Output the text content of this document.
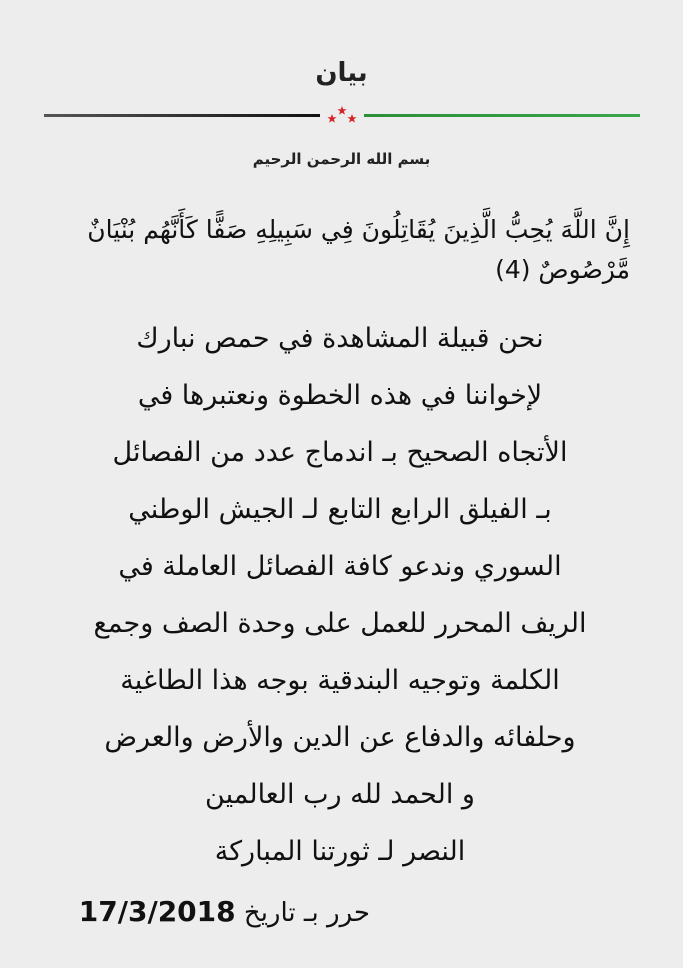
بيان
بسم الله الرحمن الرحيم
إِنَّ اللَّهَ يُحِبُّ الَّذِينَ يُقَاتِلُونَ فِي سَبِيلِهِ صَفًّا كَأَنَّهُم بُنْيَانٌ مَّرْصُوصٌ (4)
نحن قبيلة المشاهدة في حمص نبارك
لإخواننا في هذه الخطوة ونعتبرها في
الأتجاه الصحيح بـ اندماج عدد من الفصائل
بـ الفيلق الرابع التابع لـ الجيش الوطني
السوري وندعو كافة الفصائل العاملة في
الريف المحرر للعمل على وحدة الصف وجمع
الكلمة وتوجيه البندقية بوجه هذا الطاغية
وحلفائه والدفاع عن الدين والأرض والعرض
و الحمد لله رب العالمين
النصر لـ ثورتنا المباركة
حرر بـ تاريخ 17/3/2018
